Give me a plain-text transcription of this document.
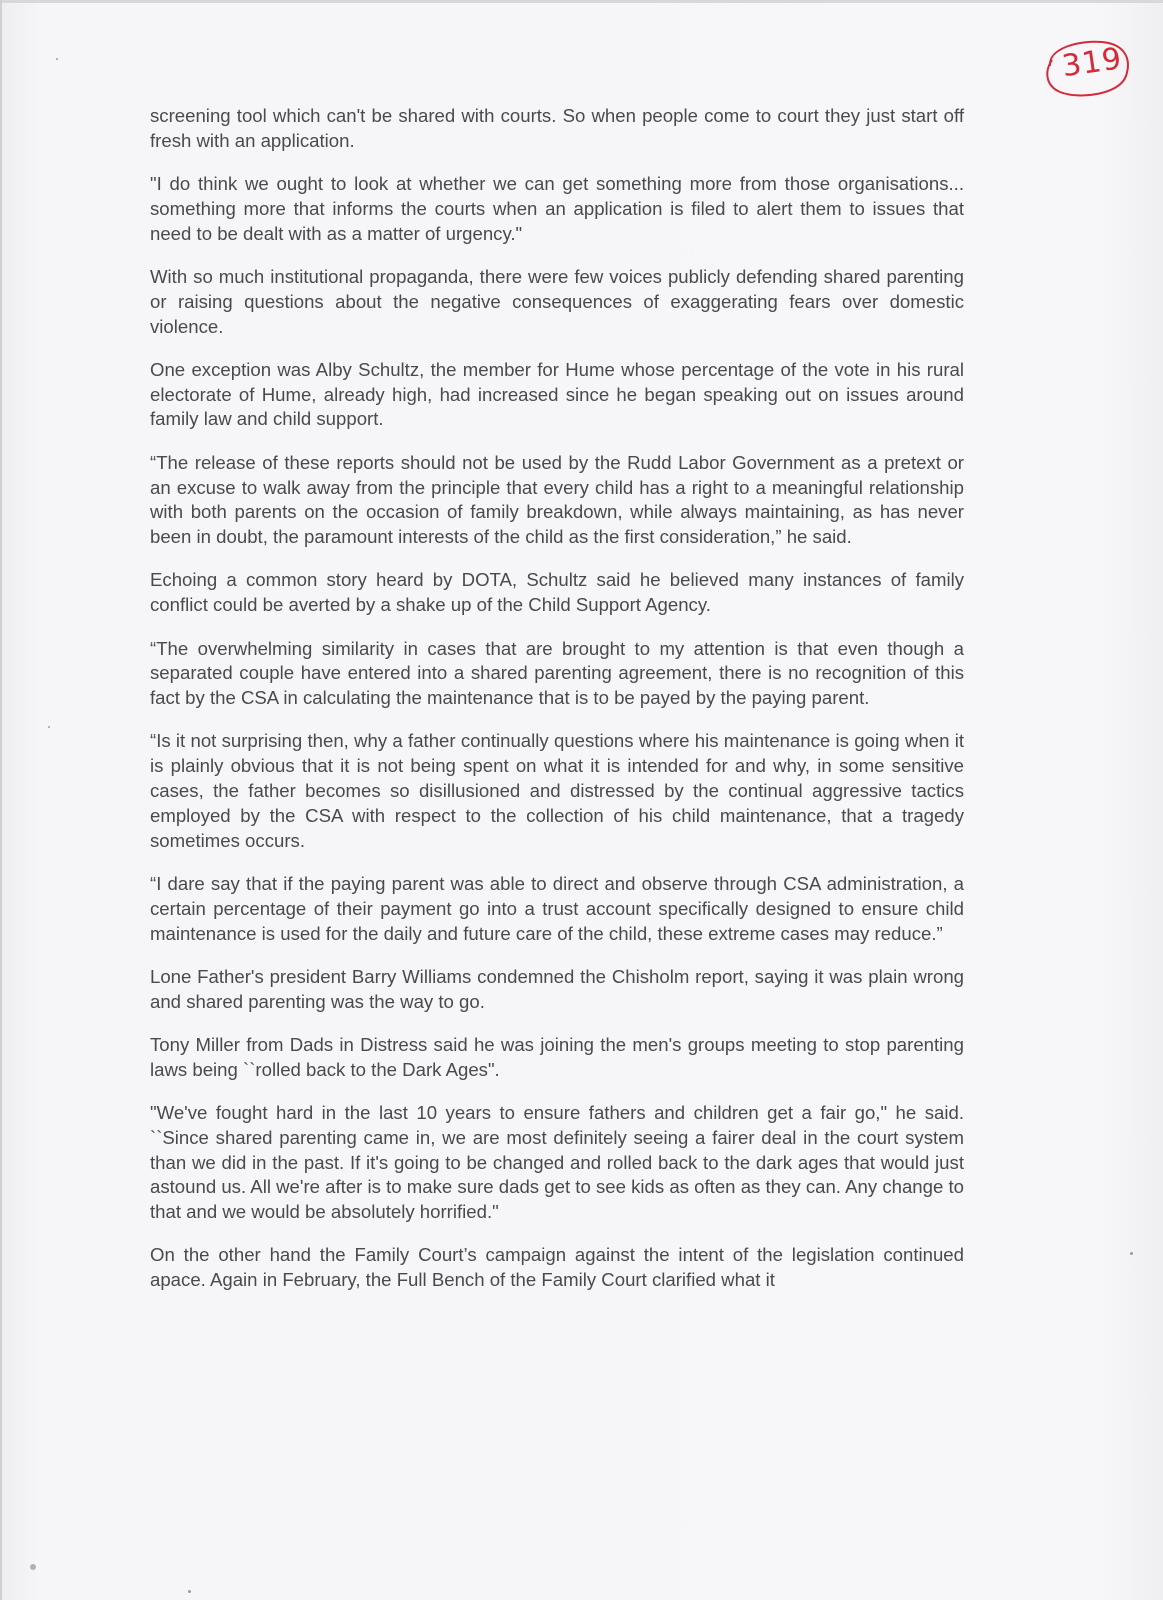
319

screening tool which can't be shared with courts. So when people come to court they just start off fresh with an application.

"I do think we ought to look at whether we can get something more from those organisations... something more that informs the courts when an application is filed to alert them to issues that need to be dealt with as a matter of urgency."

With so much institutional propaganda, there were few voices publicly defending shared parenting or raising questions about the negative consequences of exaggerating fears over domestic violence.

One exception was Alby Schultz, the member for Hume whose percentage of the vote in his rural electorate of Hume, already high, had increased since he began speaking out on issues around family law and child support.

“The release of these reports should not be used by the Rudd Labor Government as a pretext or an excuse to walk away from the principle that every child has a right to a meaningful relationship with both parents on the occasion of family breakdown, while always maintaining, as has never been in doubt, the paramount interests of the child as the first consideration,” he said.

Echoing a common story heard by DOTA, Schultz said he believed many instances of family conflict could be averted by a shake up of the Child Support Agency.

“The overwhelming similarity in cases that are brought to my attention is that even though a separated couple have entered into a shared parenting agreement, there is no recognition of this fact by the CSA in calculating the maintenance that is to be payed by the paying parent.

“Is it not surprising then, why a father continually questions where his maintenance is going when it is plainly obvious that it is not being spent on what it is intended for and why, in some sensitive cases, the father becomes so disillusioned and distressed by the continual aggressive tactics employed by the CSA with respect to the collection of his child maintenance, that a tragedy sometimes occurs.

“I dare say that if the paying parent was able to direct and observe through CSA administration, a certain percentage of their payment go into a trust account specifically designed to ensure child maintenance is used for the daily and future care of the child, these extreme cases may reduce.”

Lone Father's president Barry Williams condemned the Chisholm report, saying it was plain wrong and shared parenting was the way to go.

Tony Miller from Dads in Distress said he was joining the men's groups meeting to stop parenting laws being ``rolled back to the Dark Ages".

"We've fought hard in the last 10 years to ensure fathers and children get a fair go," he said. ``Since shared parenting came in, we are most definitely seeing a fairer deal in the court system than we did in the past. If it's going to be changed and rolled back to the dark ages that would just astound us. All we're after is to make sure dads get to see kids as often as they can. Any change to that and we would be absolutely horrified."

On the other hand the Family Court’s campaign against the intent of the legislation continued apace. Again in February, the Full Bench of the Family Court clarified what it
